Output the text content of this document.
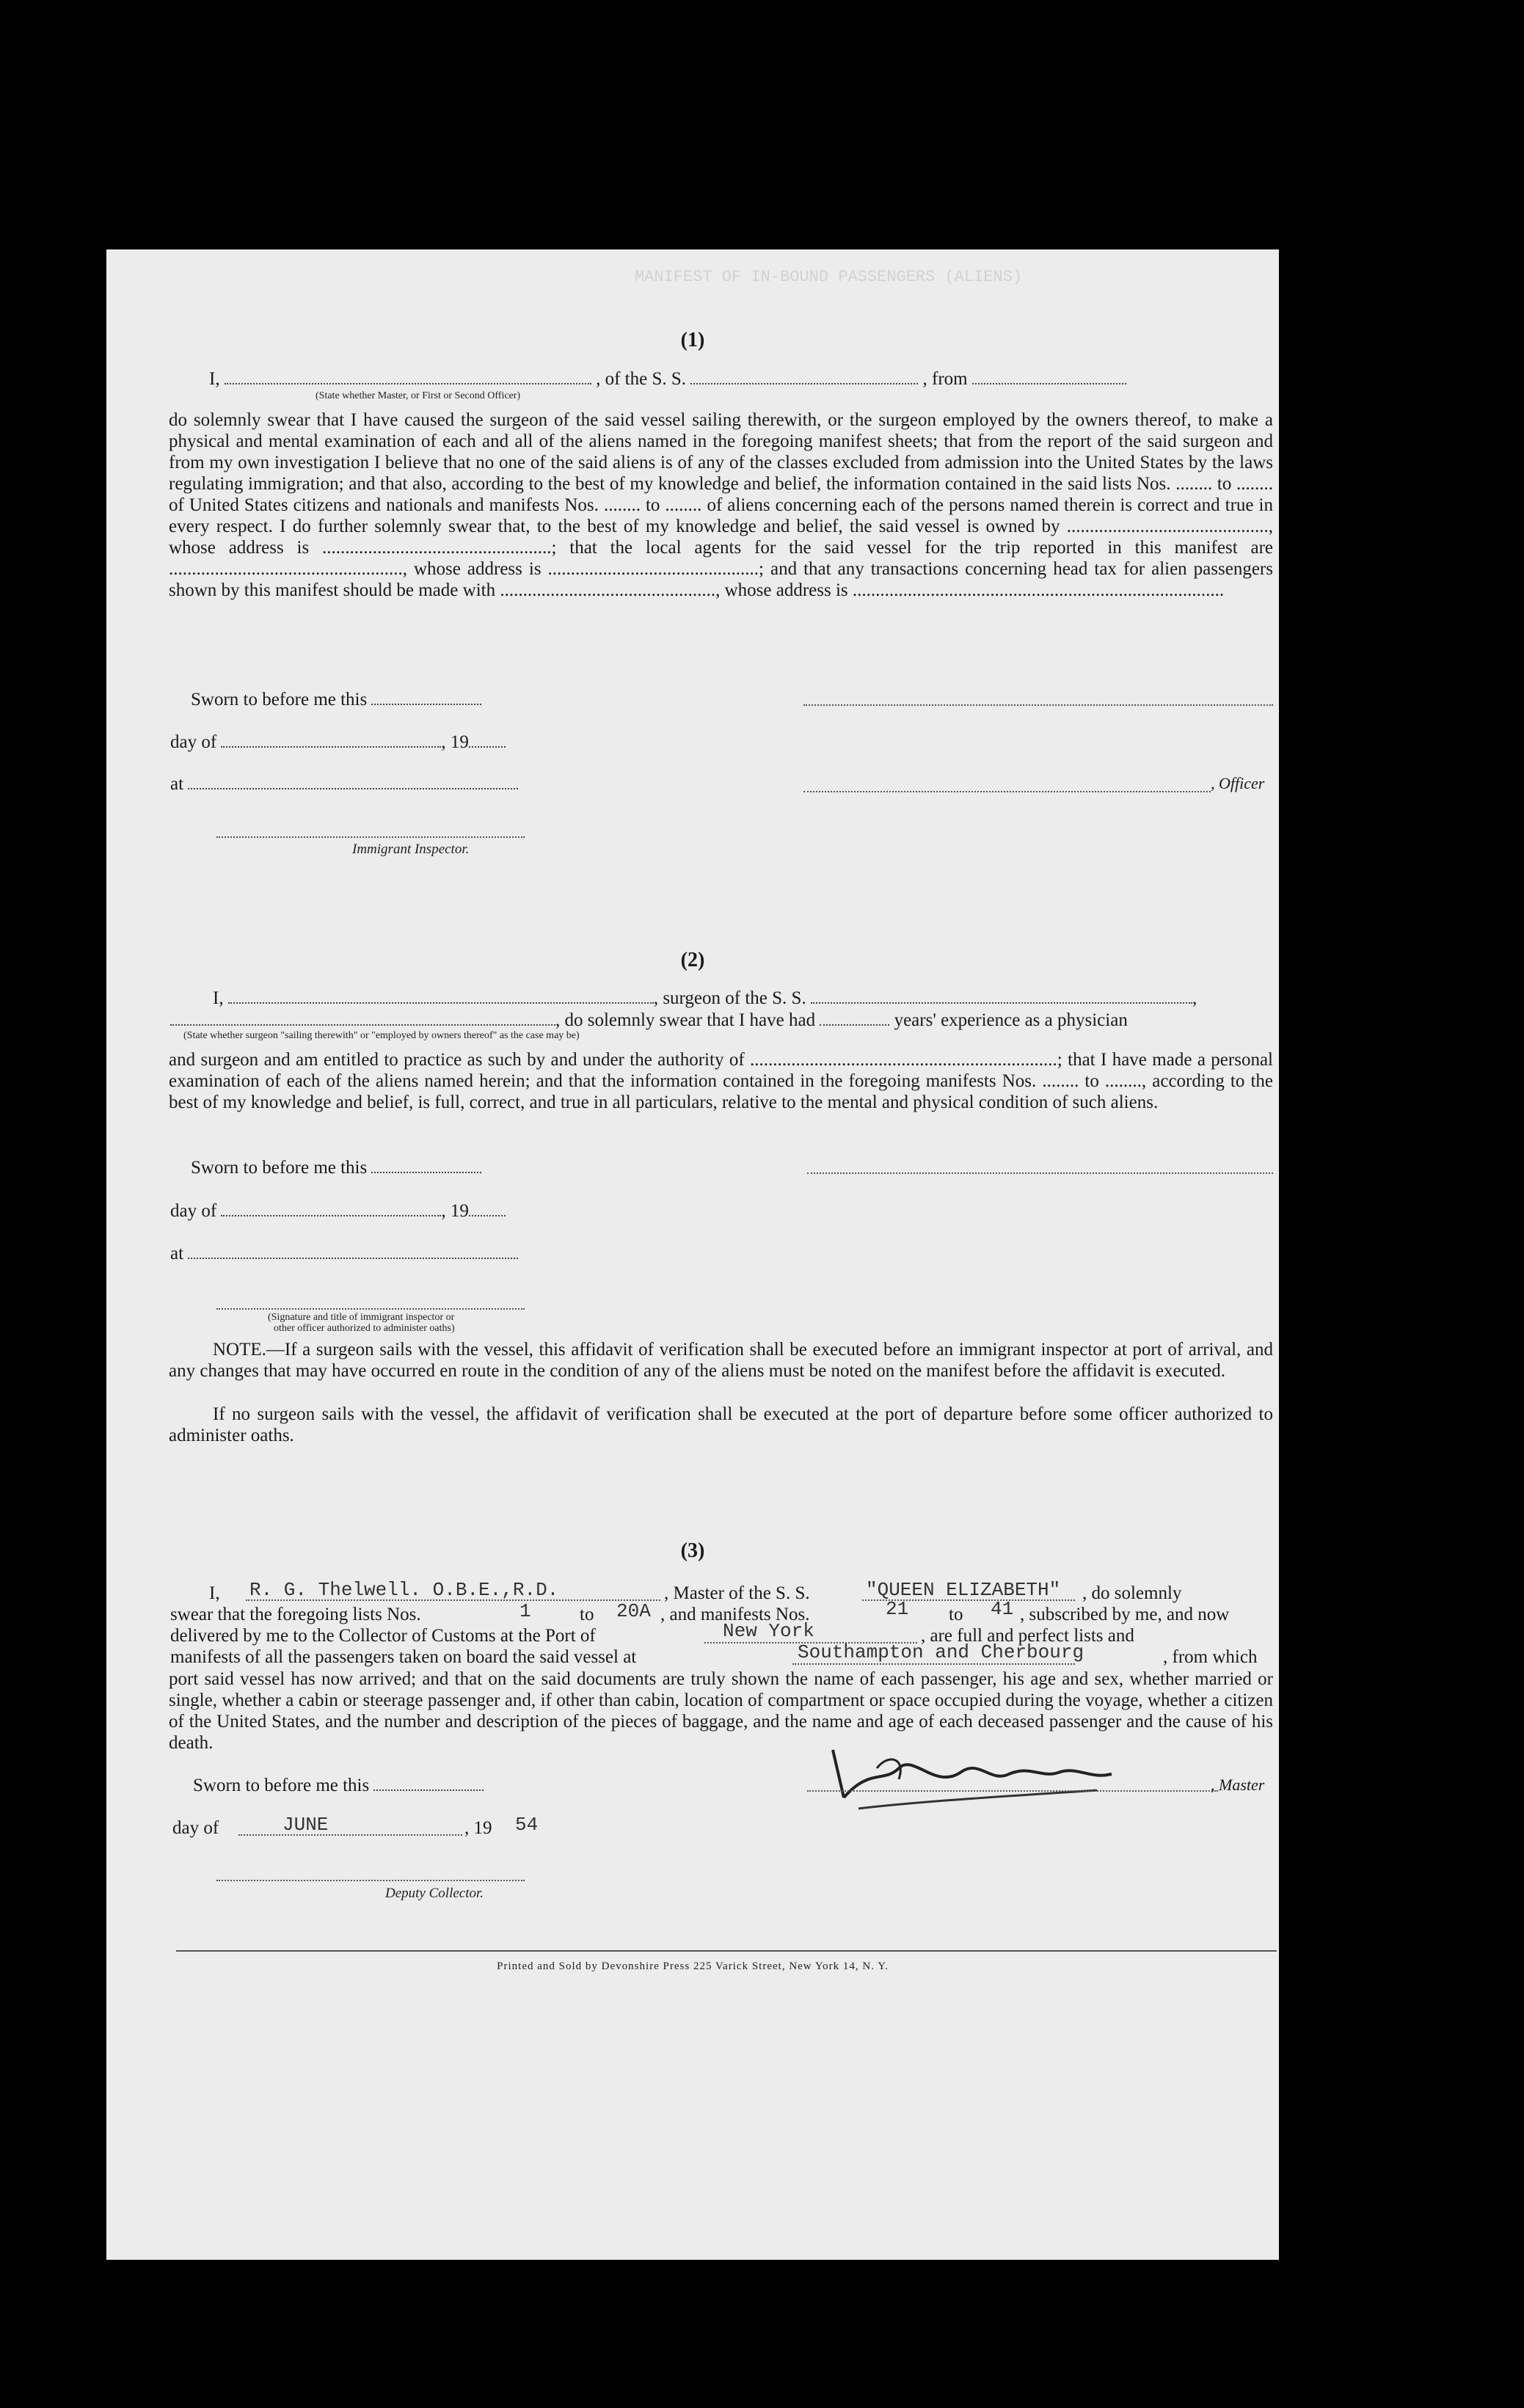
MANIFEST OF IN-BOUND PASSENGERS (ALIENS)
(1)
I,	, of the S. S.	, from
(State whether Master, or First or Second Officer)
do solemnly swear that I have caused the surgeon of the said vessel sailing therewith, or the surgeon employed by the owners thereof, to make a physical and mental examination of each and all of the aliens named in the foregoing manifest sheets; that from the report of the said surgeon and from my own investigation I believe that no one of the said aliens is of any of the classes excluded from admission into the United States by the laws regulating immigration; and that also, according to the best of my knowledge and belief, the information contained in the said lists Nos. ........ to ........ of United States citizens and nationals and manifests Nos. ........ to ........ of aliens concerning each of the persons named therein is correct and true in every respect. I do further solemnly swear that, to the best of my knowledge and belief, the said vessel is owned by ............................................, whose address is ..................................................; that the local agents for the said vessel for the trip reported in this manifest are ..................................................., whose address is ..............................................; and that any transactions concerning head tax for alien passengers shown by this manifest should be made with ..............................................., whose address is .................................................................................
Sworn to before me this
day of	, 19
at	, Officer
Immigrant Inspector.
(2)
I,	, surgeon of the S. S.	,
, do solemnly swear that I have had	years' experience as a physician
(State whether surgeon "sailing therewith" or "employed by owners thereof" as the case may be)
and surgeon and am entitled to practice as such by and under the authority of ...................................................................; that I have made a personal examination of each of the aliens named herein; and that the information contained in the foregoing manifests Nos. ........ to ........, according to the best of my knowledge and belief, is full, correct, and true in all particulars, relative to the mental and physical condition of such aliens.
Sworn to before me this
day of	, 19
at
(Signature and title of immigrant inspector or
other officer authorized to administer oaths)
NOTE.—If a surgeon sails with the vessel, this affidavit of verification shall be executed before an immigrant inspector at port of arrival, and any changes that may have occurred en route in the condition of any of the aliens must be noted on the manifest before the affidavit is executed.
If no surgeon sails with the vessel, the affidavit of verification shall be executed at the port of departure before some officer authorized to administer oaths.
(3)
I, R. G. Thelwell. O.B.E.,R.D.	, Master of the S. S.	"QUEEN ELIZABETH" , do solemnly
swear that the foregoing lists Nos.	1	to 20A , and manifests Nos.	21 to 41 , subscribed by me, and now
delivered by me to the Collector of Customs at the Port of	New York	, are full and perfect lists and
manifests of all the passengers taken on board the said vessel at	Southampton and Cherbourg	, from which
port said vessel has now arrived; and that on the said documents are truly shown the name of each passenger, his age and sex, whether married or single, whether a cabin or steerage passenger and, if other than cabin, location of compartment or space occupied during the voyage, whether a citizen of the United States, and the number and description of the pieces of baggage, and the name and age of each deceased passenger and the cause of his death.
Sworn to before me this	, Master
day of	JUNE	, 19 54
Deputy Collector.
Printed and Sold by Devonshire Press 225 Varick Street, New York 14, N. Y.
